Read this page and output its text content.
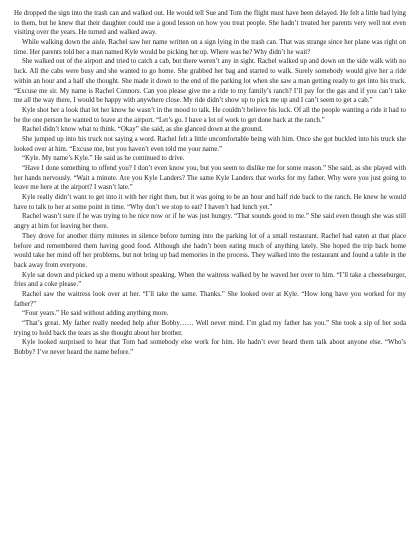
He dropped the sign into the trash can and walked out. He would tell Sue and Tom the flight must have been delayed. He felt a little bad lying to them, but he knew that their daughter could use a good lesson on how you treat people. She hadn’t treated her parents very well not even visiting over the years. He turned and walked away.

While walking down the aisle, Rachel saw her name written on a sign lying in the trash can. That was strange since her plane was right on time. Her parents told her a man named Kyle would be picking her up. Where was he? Why didn’t he wait?

She walked out of the airport and tried to catch a cab, but there weren’t any in sight. Rachel walked up and down on the side walk with no luck. All the cabs were busy and she wanted to go home. She grabbed her bag and started to walk. Surely somebody would give her a ride within an hour and a half she thought. She made it down to the end of the parking lot when she saw a man getting ready to get into his truck. “Excuse me sir. My name is Rachel Connors. Can you please give me a ride to my family’s ranch? I’ll pay for the gas and if you can’t take me all the way there, I would be happy with anywhere close. My ride didn’t show up to pick me up and I can’t seem to get a cab.”

Kyle shot her a look that let her know he wasn’t in the mood to talk. He couldn’t believe his luck. Of all the people wanting a ride it had to be the one person he wanted to leave at the airport. “Let’s go. I have a lot of work to get done back at the ranch.”

Rachel didn’t know what to think. “Okay” she said, as she glanced down at the ground.

She jumped up into his truck not saying a word. Rachel felt a little uncomfortable being with him. Once she got buckled into his truck she looked over at him. “Excuse me, but you haven’t even told me your name.”

“Kyle. My name’s Kyle.” He said as he continued to drive.

“Have I done something to offend you? I don’t even know you, but you seem to dislike me for some reason.” She said, as she played with her hands nervously. “Wait a minute. Are you Kyle Landers? The same Kyle Landers that works for my father. Why were you just going to leave me here at the airport? I wasn’t late.”

Kyle really didn’t want to get into it with her right then, but it was going to be an hour and half ride back to the ranch. He knew he would have to talk to her at some point in time. “Why don’t we stop to eat? I haven’t had lunch yet.”

Rachel wasn’t sure if he was trying to be nice now or if he was just hungry. “That sounds good to me.” She said even though she was still angry at him for leaving her there.

They drove for another thirty minutes in silence before turning into the parking lot of a small restaurant. Rachel had eaten at that place before and remembered them having good food. Although she hadn’t been eating much of anything lately. She hoped the trip back home would take her mind off her problems, but not bring up bad memories in the process. They walked into the restaurant and found a table in the back away from everyone.

Kyle sat down and picked up a menu without speaking. When the waitress walked by he waved her over to him. “I’ll take a cheeseburger, fries and a coke please.”

Rachel saw the waitress look over at her. “I’ll take the same. Thanks.” She looked over at Kyle. “How long have you worked for my father?”

“Four years.” He said without adding anything more.

“That’s great. My father really needed help after Bobby…… Well never mind. I’m glad my father has you.” She took a sip of her soda trying to hold back the tears as she thought about her brother.

Kyle looked surprised to hear that Tom had somebody else work for him. He hadn’t ever heard them talk about anyone else. “Who’s Bobby? I’ve never heard the name before.”
